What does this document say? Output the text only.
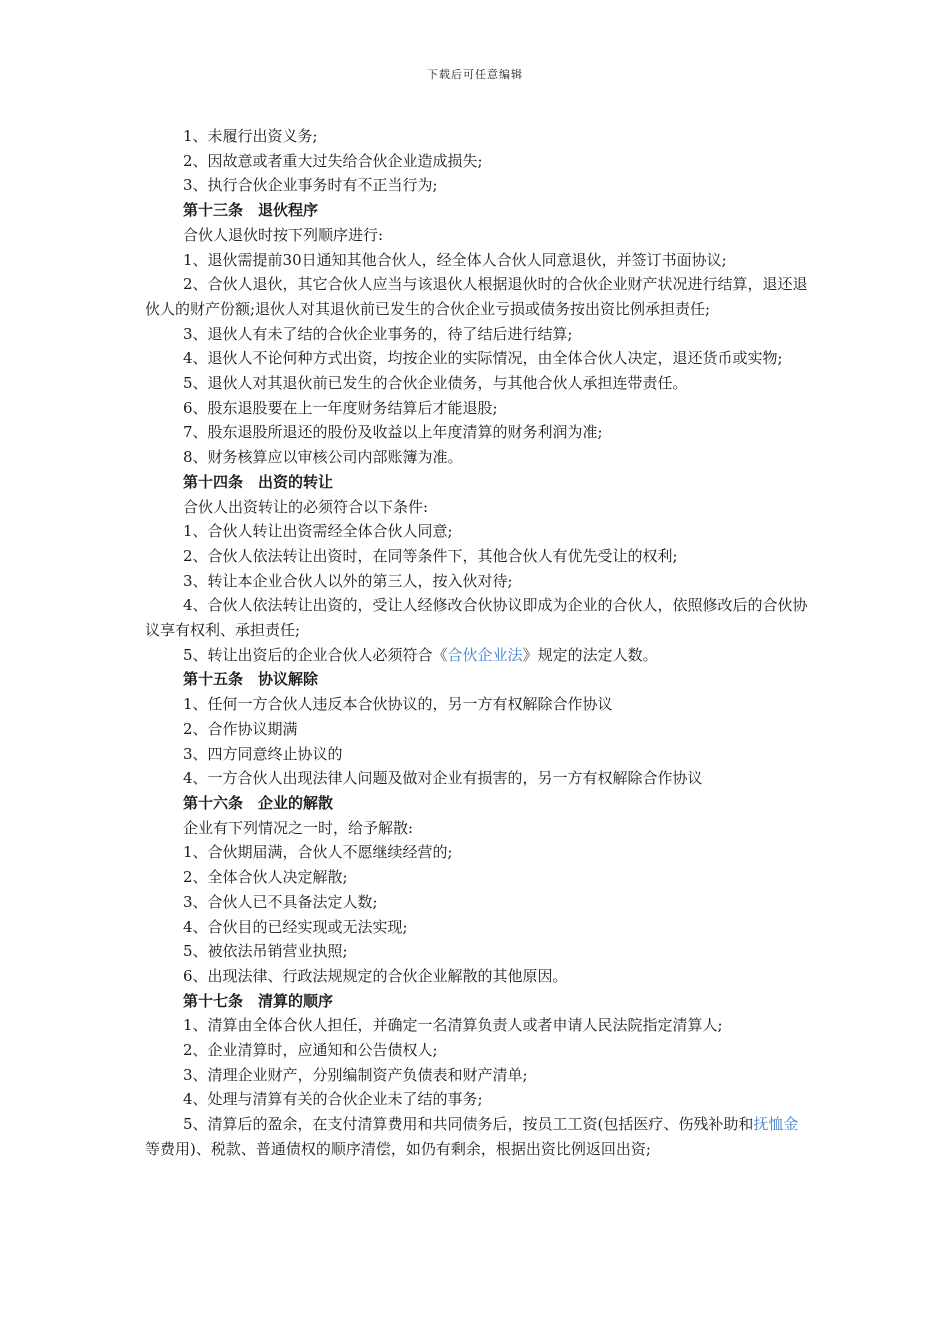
下载后可任意编辑
1、未履行出资义务;
2、因故意或者重大过失给合伙企业造成损失;
3、执行合伙企业事务时有不正当行为;
第十三条　退伙程序
合伙人退伙时按下列顺序进行:
1、退伙需提前30日通知其他合伙人，经全体人合伙人同意退伙，并签订书面协议;
2、合伙人退伙，其它合伙人应当与该退伙人根据退伙时的合伙企业财产状况进行结算，退还退伙人的财产份额;退伙人对其退伙前已发生的合伙企业亏损或债务按出资比例承担责任;
3、退伙人有未了结的合伙企业事务的，待了结后进行结算;
4、退伙人不论何种方式出资，均按企业的实际情况，由全体合伙人决定，退还货币或实物;
5、退伙人对其退伙前已发生的合伙企业债务，与其他合伙人承担连带责任。
6、股东退股要在上一年度财务结算后才能退股;
7、股东退股所退还的股份及收益以上年度清算的财务利润为准;
8、财务核算应以审核公司内部账簿为准。
第十四条　出资的转让
合伙人出资转让的必须符合以下条件:
1、合伙人转让出资需经全体合伙人同意;
2、合伙人依法转让出资时，在同等条件下，其他合伙人有优先受让的权利;
3、转让本企业合伙人以外的第三人，按入伙对待;
4、合伙人依法转让出资的，受让人经修改合伙协议即成为企业的合伙人，依照修改后的合伙协议享有权利、承担责任;
5、转让出资后的企业合伙人必须符合《合伙企业法》规定的法定人数。
第十五条　协议解除
1、任何一方合伙人违反本合伙协议的，另一方有权解除合作协议
2、合作协议期满
3、四方同意终止协议的
4、一方合伙人出现法律人问题及做对企业有损害的，另一方有权解除合作协议
第十六条　企业的解散
企业有下列情况之一时，给予解散:
1、合伙期届满，合伙人不愿继续经营的;
2、全体合伙人决定解散;
3、合伙人已不具备法定人数;
4、合伙目的已经实现或无法实现;
5、被依法吊销营业执照;
6、出现法律、行政法规规定的合伙企业解散的其他原因。
第十七条　清算的顺序
1、清算由全体合伙人担任，并确定一名清算负责人或者申请人民法院指定清算人;
2、企业清算时，应通知和公告债权人;
3、清理企业财产，分别编制资产负债表和财产清单;
4、处理与清算有关的合伙企业未了结的事务;
5、清算后的盈余，在支付清算费用和共同债务后，按员工工资(包括医疗、伤残补助和抚恤金等费用)、税款、普通债权的顺序清偿，如仍有剩余，根据出资比例返回出资;
